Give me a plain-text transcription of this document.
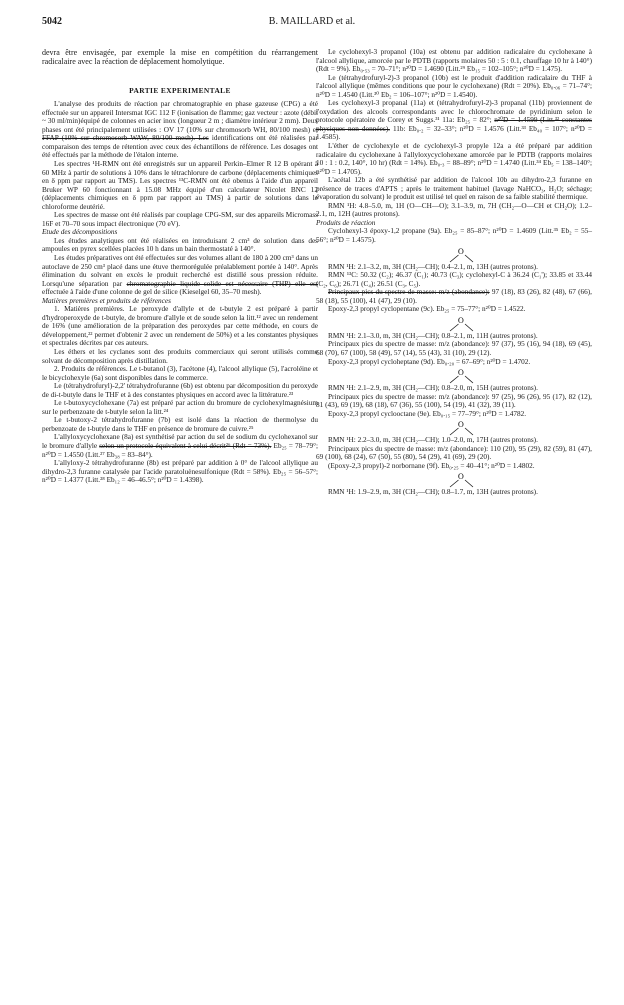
5042	B. MAILLARD et al.

devra être envisagée, par exemple la mise en compétition du réarrangement radicalaire avec la réaction de déplacement homolytique.

PARTIE EXPERIMENTALE

L'analyse des produits de réaction par chromatographie en phase gazeuse (CPG) a été effectuée sur un appareil Intersmat IGC 112 F (ionisation de flamme; gaz vecteur : azote (débit ~ 30 ml/min)équipé de colonnes en acier inox (longueur 2 m ; diamètre intérieur 2 mm). Deux phases ont été principalement utilisées : OV 17 (10% sur chromosorb WH, 80/100 mesh) et FFAP (10% sur chromosorb WAW, 80/100 mesh). Les identifications ont été réalisées par comparaison des temps de rétention avec ceux des échantillons de référence. Les dosages ont été effectués par la méthode de l'étalon interne.

Les spectres ¹H-RMN ont été enregistrés sur un appareil Perkin–Elmer R 12 B opérant à 60 MHz à partir de solutions à 10% dans le tétrachlorure de carbone (déplacements chimiques en δ ppm par rapport au TMS). Les spectres ¹³C-RMN ont été obenus à l'aide d'un appareil Bruker WP 60 fonctionnant à 15.08 MHz équipé d'un calculateur Nicolet BNC 12 (déplacements chimiques en δ ppm par rapport au TMS) à partir de solutions dans le chloroforme deutérié.

Les spectres de masse ont été réalisés par couplage CPG-SM, sur des appareils Micromass 16F et 70–70 sous impact électronique (70 eV).

Etude des décompositions

Les études analytiques ont été réalisées en introduisant 2 cm³ de solution dans des ampoules en pyrex scellées placées 10 h dans un bain thermostaté à 140°.

Les études préparatives ont été effectuées sur des volumes allant de 180 à 200 cm³ dans un autoclave de 250 cm³ placé dans une étuve thermorégulée préalablement portée à 140°. Après élimination du solvant en excès le produit recherché est distillé sous pression réduite. Lorsqu'une séparation par chromatographie liquide–solide est nécessaire (THP) elle est effectuée à l'aide d'une colonne de gel de silice (Kieselgel 60, 35–70 mesh).

Matières premières et produits de références

1. Matières premières. Le peroxyde d'allyle et de t-butyle 2 est préparé à partir d'hydroperoxyde de t-butyle, de bromure d'allyle et de soude selon la litt.¹² avec un rendement de 16% (une amélioration de la préparation des peroxydes par cette méthode, en cours de développement,²² permet d'obtenir 2 avec un rendement de 50%) et a les constantes physiques et spectrales décrites par ces auteurs.

Les éthers et les cyclanes sont des produits commerciaux qui seront utilisés comme solvant de décomposition après distillation.

2. Produits de références. Le t-butanol (3), l'acétone (4), l'alcool allylique (5), l'acroléine et le bicyclohexyle (6a) sont disponibles dans le commerce.

Le (tétrahydrofuryl)-2,2' tétrahydrofuranne (6b) est obtenu par décomposition du peroxyde de di-t-butyle dans le THF et à des constantes physiques en accord avec la littérature.²³

Le t-butoxycyclohexane (7a) est préparé par action du bromure de cyclohexylmagnésium sur le perbenzoate de t-butyle selon la litt.²⁴

Le t-butoxy-2 tétrahydrofuranne (7b) est isolé dans la réaction de thermolyse du perbenzoate de t-butyle dans le THF en présence de bromure de cuivre.²⁵

L'allyloxycyclohexane (8a) est synthétisé par action du sel de sodium du cyclohexanol sur le bromure d'allyle selon un protocole équivalent à celui décrit²⁶ (Rdt = 73%). Eb₂₅ = 78–79°; n²⁰D = 1.4550 (Litt.²⁷ Eb₃₈ = 83–84°).

L'allyloxy-2 tétrahydrofuranne (8b) est préparé par addition à 0° de l'alcool allylique au dihydro-2,3 furanne catalysée par l'acide paratoluènesulfonique (Rdt = 58%). Eb₂₅ = 56–57°; n²⁰D = 1.4377 (Litt.²⁸ Eb₁₂ = 46–46.5°; n²⁰D = 1.4398).

Le cyclohexyl-3 propanol (10a) est obtenu par addition radicalaire du cyclohexane à l'alcool allylique, amorcée par le PDTB (rapports molaires 50 : 5 : 0.1, chauffage 10 hr à 140°) (Rdt = 9%). Eb₀.₅₃ = 70–71°; n²⁰D = 1.4690 (Litt.²⁹ Eb₁₅ = 102–105°; n²⁰D = 1.475).

Le (tétrahydrofuryl-2)-3 propanol (10b) est le produit d'addition radicalaire du THF à l'alcool allylique (mêmes conditions que pour le cyclohexane) (Rdt = 20%). Eb₀.₀₆ = 71–74°; n²⁰D = 1.4540 (Litt.³⁰ Eb₂ = 106–107°; n²⁰D = 1.4540).

Les cyclohexyl-3 propanal (11a) et (tétrahydrofuryl-2)-3 propanal (11b) proviennent de l'oxydation des alcools correspondants avec le chlorochromate de pyridinium selon le protocole opératoire de Corey et Suggs.³¹ 11a: Eb₂₅ = 82°; n²⁰D = 1.4599 (Litt.³² constantes physiques non données). 11b: Eb₀.₂ = 32–33°; n²⁰D = 1.4576 (Litt.³³ Eb₄₀ = 107°; n²⁰D = 1.4585).

L'éther de cyclohexyle et de cyclohexyl-3 propyle 12a a été préparé par addition radicalaire du cyclohexane à l'allyloxycyclohexane amorcée par le PDTB (rapports molaires 10 : 1 : 0.2, 140°, 10 hr) (Rdt = 14%). Eb₀.₃ = 88–89°; n²⁰D = 1.4740 (Litt.³⁴ Eb₅ = 138–140°; n²⁰D = 1.4705).

L'acétal 12b a été synthétisé par addition de l'alcool 10b au dihydro-2,3 furanne en présence de traces d'APTS ; après le traitement habituel (lavage NaHCO₃, H₂O; séchage; évaporation du solvant) le produit est utilisé tel quel en raison de sa faible stabilité thermique.

RMN ¹H: 4.8–5.0, m, 1H (O—CH—O); 3.1–3.9, m, 7H (CH₂—O—CH et CH₂O); 1.2–2.1, m, 12H (autres protons).

Produits de réaction

Cyclohexyl-3 époxy-1,2 propane (9a). Eb₂₅ = 85–87°; n²⁰D = 1.4609 (Litt.³⁵ Eb₂ = 55–56°; n²⁰D = 1.4575).

O

RMN ¹H: 2.1–3.2, m, 3H (CH₂—CH); 0.4–2.1, m, 13H (autres protons).

RMN ¹³C: 50.32 (C₂); 46.37 (C₁); 40.73 (C₃); cyclohexyl-C à 36.24 (C₁'); 33.85 et 33.44 (C₂, C₆); 26.71 (C₄); 26.51 (C₃, C₅).

Principaux pics du spectre de masse: m/z (abondance): 97 (18), 83 (26), 82 (48), 67 (66), 58 (18), 55 (100), 41 (47), 29 (10).

Epoxy-2,3 propyl cyclopentane (9c). Eb₂₅ = 75–77°; n²⁰D = 1.4522.

O

RMN ¹H: 2.1–3.0, m, 3H (CH₂—CH); 0.8–2.1, m, 11H (autres protons).

Principaux pics du spectre de masse: m/z (abondance): 97 (37), 95 (16), 94 (18), 69 (45), 68 (70), 67 (100), 58 (49), 57 (14), 55 (43), 31 (10), 29 (12).

Epoxy-2,3 propyl cycloheptane (9d). Eb₀.₂₀ = 67–69°; n²⁰D = 1.4702.

O

RMN ¹H: 2.1–2.9, m, 3H (CH₂—CH); 0.8–2.0, m, 15H (autres protons).

Principaux pics du spectre de masse: m/z (abondance): 97 (25), 96 (26), 95 (17), 82 (12), 81 (43), 69 (19), 68 (18), 67 (36), 55 (100), 54 (19), 41 (32), 39 (11).

Epoxy-2,3 propyl cyclooctane (9e). Eb₀.₁₅ = 77–79°; n²⁰D = 1.4782.

O

RMN ¹H: 2.2–3.0, m, 3H (CH₂—CH); 1.0–2.0, m, 17H (autres protons).

Principaux pics du spectre de masse: m/z (abondance): 110 (20), 95 (29), 82 (59), 81 (47), 69 (100), 68 (24), 67 (50), 55 (80), 54 (29), 41 (69), 29 (20).

(Epoxy-2,3 propyl)-2 norbornane (9f). Eb₀.₂₅ = 40–41°; n²⁰D = 1.4802.

O

RMN ¹H: 1.9–2.9, m, 3H (CH₂—CH); 0.8–1.7, m, 13H (autres protons).
